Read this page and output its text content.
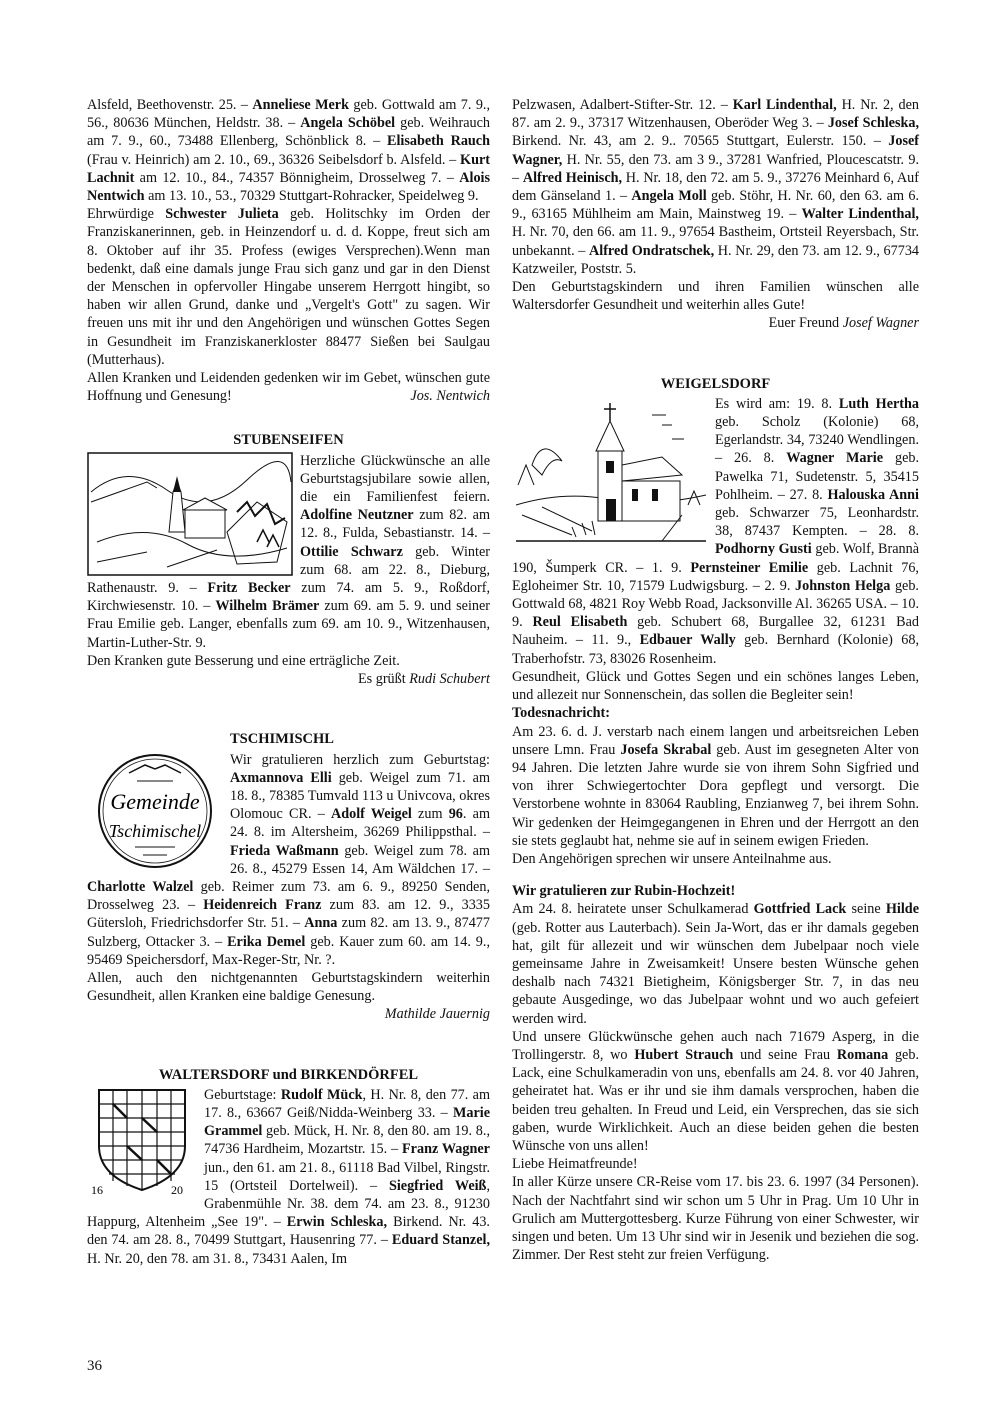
Alsfeld, Beethovenstr. 25. – Anneliese Merk geb. Gottwald am 7. 9., 56., 80636 München, Heldstr. 38. – Angela Schöbel geb. Weihrauch am 7. 9., 60., 73488 Ellenberg, Schönblick 8. – Elisabeth Rauch (Frau v. Heinrich) am 2. 10., 69., 36326 Seibelsdorf b. Alsfeld. – Kurt Lachnit am 12. 10., 84., 74357 Bönnigheim, Drosselweg 7. – Alois Nentwich am 13. 10., 53., 70329 Stuttgart-Rohracker, Speidelweg 9.

Ehrwürdige Schwester Julieta geb. Holitschky im Orden der Franziskanerinnen, geb. in Heinzendorf u. d. d. Koppe, freut sich am 8. Oktober auf ihr 35. Profess (ewiges Versprechen).Wenn man bedenkt, daß eine damals junge Frau sich ganz und gar in den Dienst der Menschen in opfervoller Hingabe unserem Herrgott hingibt, so haben wir allen Grund, danke und „Vergelt's Gott" zu sagen. Wir freuen uns mit ihr und den Angehörigen und wünschen Gottes Segen in Gesundheit im Franziskanerkloster 88477 Sießen bei Saulgau (Mutterhaus).

Allen Kranken und Leidenden gedenken wir im Gebet, wünschen gute Hoffnung und Genesung!	Jos. Nentwich

STUBENSEIFEN

Herzliche Glückwünsche an alle Geburtstagsjubilare sowie allen, die ein Familienfest feiern. Adolfine Neutzner zum 82. am 12. 8., Fulda, Sebastianstr. 14. – Ottilie Schwarz geb. Winter zum 68. am 22. 8., Dieburg, Rathenaustr. 9. – Fritz Becker zum 74. am 5. 9., Roßdorf, Kirchwiesenstr. 10. – Wilhelm Brämer zum 69. am 5. 9. und seiner Frau Emilie geb. Langer, ebenfalls zum 69. am 10. 9., Witzenhausen, Martin-Luther-Str. 9.

Den Kranken gute Besserung und eine erträgliche Zeit.

Es grüßt Rudi Schubert

TSCHIMISCHL

Gemeinde
Tschimischel

Wir gratulieren herzlich zum Geburtstag: Axmannova Elli geb. Weigel zum 71. am 18. 8., 78385 Tumvald 113 u Univcova, okres Olomouc CR. – Adolf Weigel zum 96. am 24. 8. im Altersheim, 36269 Philippsthal. – Frieda Waßmann geb. Weigel zum 78. am 26. 8., 45279 Essen 14, Am Wäldchen 17. – Charlotte Walzel geb. Reimer zum 73. am 6. 9., 89250 Senden, Drosselweg 23. – Heidenreich Franz zum 83. am 12. 9., 3335 Gütersloh, Friedrichsdorfer Str. 51. – Anna zum 82. am 13. 9., 87477 Sulzberg, Ottacker 3. – Erika Demel geb. Kauer zum 60. am 14. 9., 95469 Speichersdorf, Max-Reger-Str, Nr. ?.

Allen, auch den nichtgenannten Geburtstagskindern weiterhin Gesundheit, allen Kranken eine baldige Genesung.

Mathilde Jauernig

WALTERSDORF und BIRKENDÖRFEL

16	20

Geburtstage: Rudolf Mück, H. Nr. 8, den 77. am 17. 8., 63667 Geiß/Nidda-Weinberg 33. – Marie Grammel geb. Mück, H. Nr. 8, den 80. am 19. 8., 74736 Hardheim, Mozartstr. 15. – Franz Wagner jun., den 61. am 21. 8., 61118 Bad Vilbel, Ringstr. 15 (Ortsteil Dortelweil). – Siegfried Weiß, Grabenmühle Nr. 38. dem 74. am 23. 8., 91230 Happurg, Altenheim „See 19". – Erwin Schleska, Birkend. Nr. 43. den 74. am 28. 8., 70499 Stuttgart, Hausenring 77. – Eduard Stanzel, H. Nr. 20, den 78. am 31. 8., 73431 Aalen, Im

Pelzwasen, Adalbert-Stifter-Str. 12. – Karl Lindenthal, H. Nr. 2, den 87. am 2. 9., 37317 Witzenhausen, Oberöder Weg 3. – Josef Schleska, Birkend. Nr. 43, am 2. 9.. 70565 Stuttgart, Eulerstr. 150. – Josef Wagner, H. Nr. 55, den 73. am 3 9., 37281 Wanfried, Ploucescatstr. 9. – Alfred Heinisch, H. Nr. 18, den 72. am 5. 9., 37276 Meinhard 6, Auf dem Gänseland 1. – Angela Moll geb. Stöhr, H. Nr. 60, den 63. am 6. 9., 63165 Mühlheim am Main, Mainstweg 19. – Walter Lindenthal, H. Nr. 70, den 66. am 11. 9., 97654 Bastheim, Ortsteil Reyersbach, Str. unbekannt. – Alfred Ondratschek, H. Nr. 29, den 73. am 12. 9., 67734 Katzweiler, Poststr. 5.

Den Geburtstagskindern und ihren Familien wünschen alle Waltersdorfer Gesundheit und weiterhin alles Gute!

Euer Freund Josef Wagner

WEIGELSDORF

Es wird am: 19. 8. Luth Hertha geb. Scholz (Kolonie) 68, Egerlandstr. 34, 73240 Wendlingen. – 26. 8. Wagner Marie geb. Pawelka 71, Sudetenstr. 5, 35415 Pohlheim. – 27. 8. Halouska Anni geb. Schwarzer 75, Leonhardstr. 38, 87437 Kempten. – 28. 8. Podhorny Gusti geb. Wolf, Brannà 190, Šumperk CR. – 1. 9. Pernsteiner Emilie geb. Lachnit 76, Egloheimer Str. 10, 71579 Ludwigsburg. – 2. 9. Johnston Helga geb. Gottwald 68, 4821 Roy Webb Road, Jacksonville Al. 36265 USA. – 10. 9. Reul Elisabeth geb. Schubert 68, Burgallee 32, 61231 Bad Nauheim. – 11. 9., Edbauer Wally geb. Bernhard (Kolonie) 68, Traberhofstr. 73, 83026 Rosenheim.

Gesundheit, Glück und Gottes Segen und ein schönes langes Leben, und allezeit nur Sonnenschein, das sollen die Begleiter sein!

Todesnachricht:

Am 23. 6. d. J. verstarb nach einem langen und arbeitsreichen Leben unsere Lmn. Frau Josefa Skrabal geb. Aust im gesegneten Alter von 94 Jahren. Die letzten Jahre wurde sie von ihrem Sohn Sigfried und von ihrer Schwiegertochter Dora gepflegt und versorgt. Die Verstorbene wohnte in 83064 Raubling, Enzianweg 7, bei ihrem Sohn. Wir gedenken der Heimgegangenen in Ehren und der Herrgott an den sie stets geglaubt hat, nehme sie auf in seinem ewigen Frieden.

Den Angehörigen sprechen wir unsere Anteilnahme aus.

Wir gratulieren zur Rubin-Hochzeit!

Am 24. 8. heiratete unser Schulkamerad Gottfried Lack seine Hilde (geb. Rotter aus Lauterbach). Sein Ja-Wort, das er ihr damals gegeben hat, gilt für allezeit und wir wünschen dem Jubelpaar noch viele gemeinsame Jahre in Zweisamkeit! Unsere besten Wünsche gehen deshalb nach 74321 Bietigheim, Königsberger Str. 7, in das neu gebaute Ausgedinge, wo das Jubelpaar wohnt und wo auch gefeiert werden wird.

Und unsere Glückwünsche gehen auch nach 71679 Asperg, in die Trollingerstr. 8, wo Hubert Strauch und seine Frau Romana geb. Lack, eine Schulkameradin von uns, ebenfalls am 24. 8. vor 40 Jahren, geheiratet hat. Was er ihr und sie ihm damals versprochen, haben die beiden treu gehalten. In Freud und Leid, ein Versprechen, das sie sich gaben, wurde Wirklichkeit. Auch an diese beiden gehen die besten Wünsche von uns allen!

Liebe Heimatfreunde!

In aller Kürze unsere CR-Reise vom 17. bis 23. 6. 1997 (34 Personen). Nach der Nachtfahrt sind wir schon um 5 Uhr in Prag. Um 10 Uhr in Grulich am Muttergottesberg. Kurze Führung von einer Schwester, wir singen und beten. Um 13 Uhr sind wir in Jesenik und beziehen die sog. Zimmer. Der Rest steht zur freien Verfügung.

36
